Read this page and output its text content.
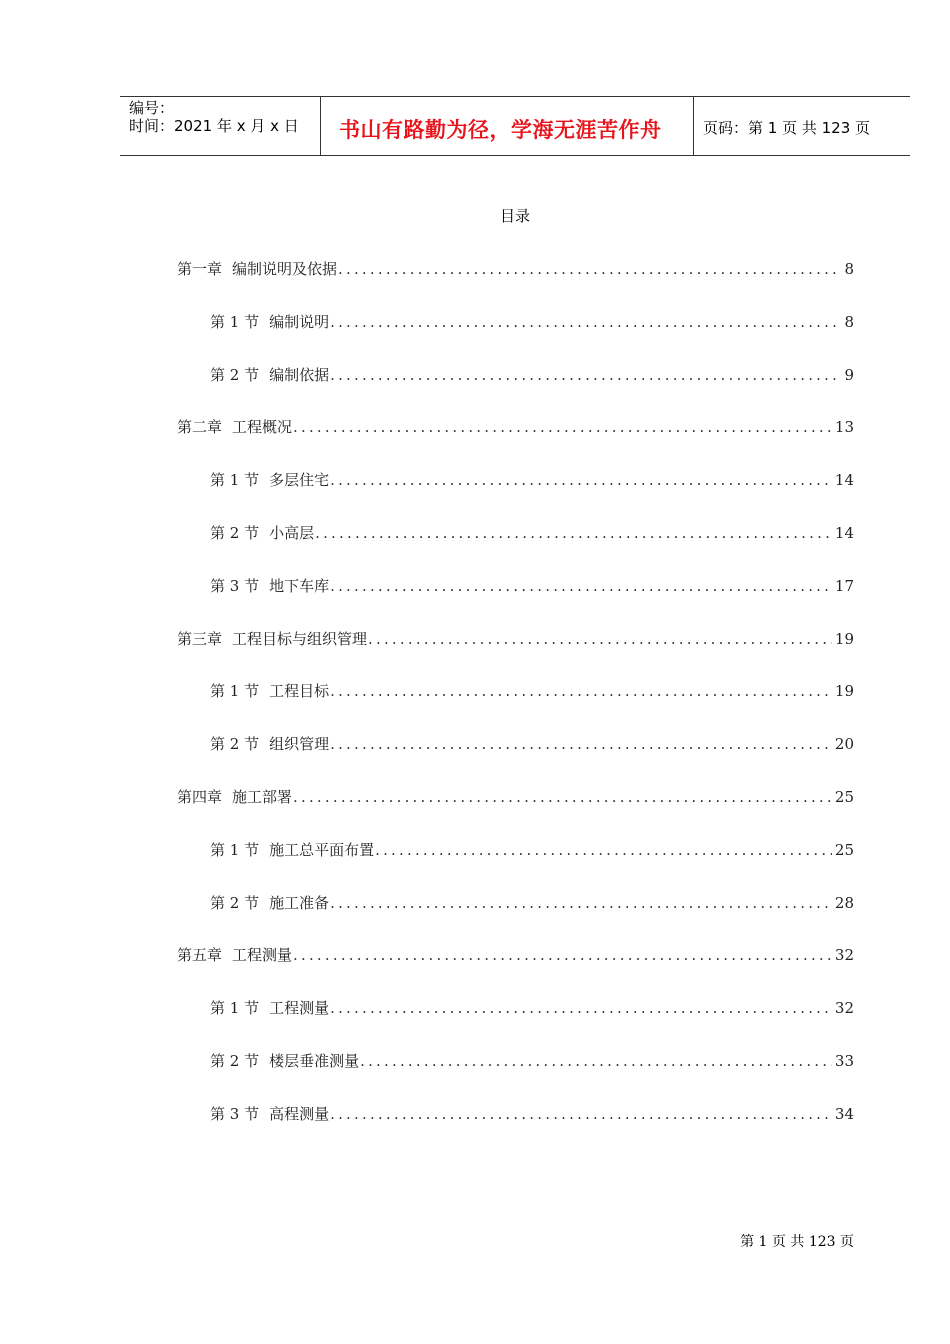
编号：
时间：2021 年 x 月 x 日 书山有路勤为径，学海无涯苦作舟	页码：第 1 页 共 123 页
目录
第一章 编制说明及依据 .....	8
第 1 节 编制说明 .....	8
第 2 节 编制依据 .....	9
第二章 工程概况 .....	13
第 1 节 多层住宅 .....	14
第 2 节 小高层 .....	14
第 3 节 地下车库 .....	17
第三章 工程目标与组织管理 .....	19
第 1 节 工程目标 .....	19
第 2 节 组织管理 .....	20
第四章 施工部署 .....	25
第 1 节 施工总平面布置 .....	25
第 2 节 施工准备 .....	28
第五章 工程测量 .....	32
第 1 节 工程测量 .....	32
第 2 节 楼层垂准测量 .....	33
第 3 节 高程测量 .....	34
第 1 页 共 123 页
